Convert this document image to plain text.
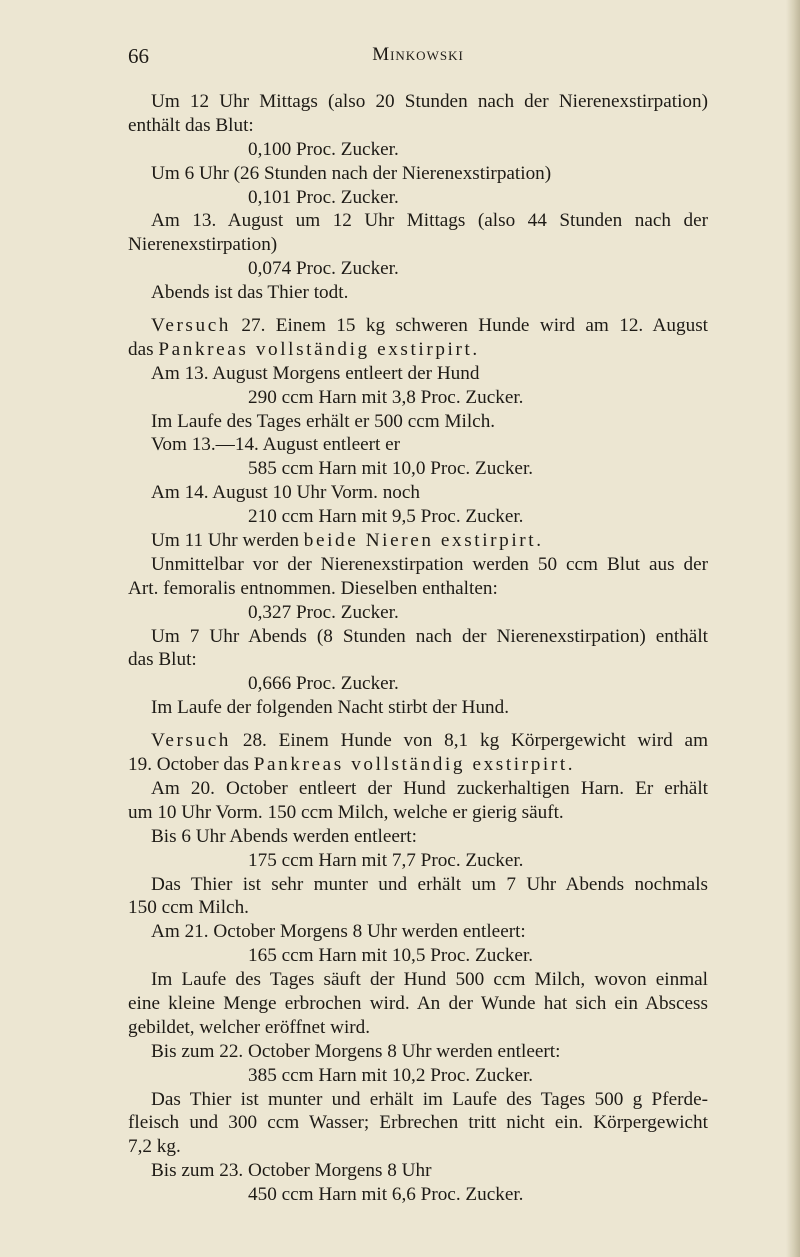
66	Minkowski
Um 12 Uhr Mittags (also 20 Stunden nach der Nierenexstirpation)
enthält das Blut:
0,100 Proc. Zucker.
Um 6 Uhr (26 Stunden nach der Nierenexstirpation)
0,101 Proc. Zucker.
Am 13. August um 12 Uhr Mittags (also 44 Stunden nach der
Nierenexstirpation)
0,074 Proc. Zucker.
Abends ist das Thier todt.
Versuch 27. Einem 15 kg schweren Hunde wird am 12. August
das Pankreas vollständig exstirpirt.
Am 13. August Morgens entleert der Hund
290 ccm Harn mit 3,8 Proc. Zucker.
Im Laufe des Tages erhält er 500 ccm Milch.
Vom 13.—14. August entleert er
585 ccm Harn mit 10,0 Proc. Zucker.
Am 14. August 10 Uhr Vorm. noch
210 ccm Harn mit 9,5 Proc. Zucker.
Um 11 Uhr werden beide Nieren exstirpirt.
Unmittelbar vor der Nierenexstirpation werden 50 ccm Blut aus der
Art. femoralis entnommen. Dieselben enthalten:
0,327 Proc. Zucker.
Um 7 Uhr Abends (8 Stunden nach der Nierenexstirpation) enthält
das Blut:
0,666 Proc. Zucker.
Im Laufe der folgenden Nacht stirbt der Hund.
Versuch 28. Einem Hunde von 8,1 kg Körpergewicht wird am
19. October das Pankreas vollständig exstirpirt.
Am 20. October entleert der Hund zuckerhaltigen Harn. Er erhält
um 10 Uhr Vorm. 150 ccm Milch, welche er gierig säuft.
Bis 6 Uhr Abends werden entleert:
175 ccm Harn mit 7,7 Proc. Zucker.
Das Thier ist sehr munter und erhält um 7 Uhr Abends nochmals
150 ccm Milch.
Am 21. October Morgens 8 Uhr werden entleert:
165 ccm Harn mit 10,5 Proc. Zucker.
Im Laufe des Tages säuft der Hund 500 ccm Milch, wovon einmal
eine kleine Menge erbrochen wird. An der Wunde hat sich ein Abscess
gebildet, welcher eröffnet wird.
Bis zum 22. October Morgens 8 Uhr werden entleert:
385 ccm Harn mit 10,2 Proc. Zucker.
Das Thier ist munter und erhält im Laufe des Tages 500 g Pferde-
fleisch und 300 ccm Wasser; Erbrechen tritt nicht ein. Körpergewicht
7,2 kg.
Bis zum 23. October Morgens 8 Uhr
450 ccm Harn mit 6,6 Proc. Zucker.
